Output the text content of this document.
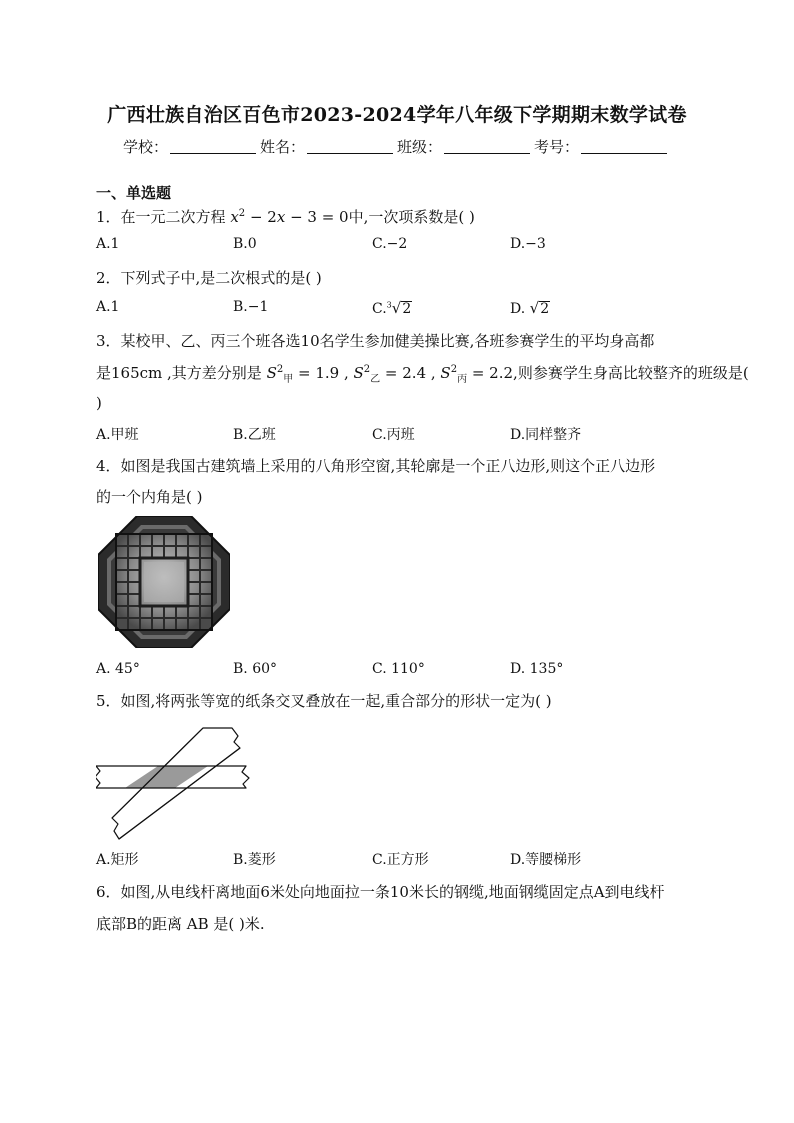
广西壮族自治区百色市2023-2024学年八年级下学期期末数学试卷
学校：	姓名：	班级：	考号：
一、单选题
1．在一元二次方程 $x^2 - 2x - 3 = 0$中,一次项系数是( )
A.1	B.0	C.−2	D.−3
2．下列式子中,是二次根式的是( )
A.1	B.−1	C.$^3$√2	D. √2
3．某校甲、乙、丙三个班各选10名学生参加健美操比赛,各班参赛学生的平均身高都
是165cm ,其方差分别是 $S^2_甲 = 1.9$ , $S^2_乙 = 2.4$ , $S^2_丙 = 2.2$,则参赛学生身高比较整齐的班级是(
)
A.甲班	B.乙班	C.丙班	D.同样整齐
4．如图是我国古建筑墙上采用的八角形空窗,其轮廓是一个正八边形,则这个正八边形
的一个内角是( )
A. 45°	B. 60°	C. 110°	D. 135°
5．如图,将两张等宽的纸条交叉叠放在一起,重合部分的形状一定为( )
A.矩形	B.菱形	C.正方形	D.等腰梯形
6．如图,从电线杆离地面6米处向地面拉一条10米长的钢缆,地面钢缆固定点A到电线杆
底部B的距离 AB 是( )米.
